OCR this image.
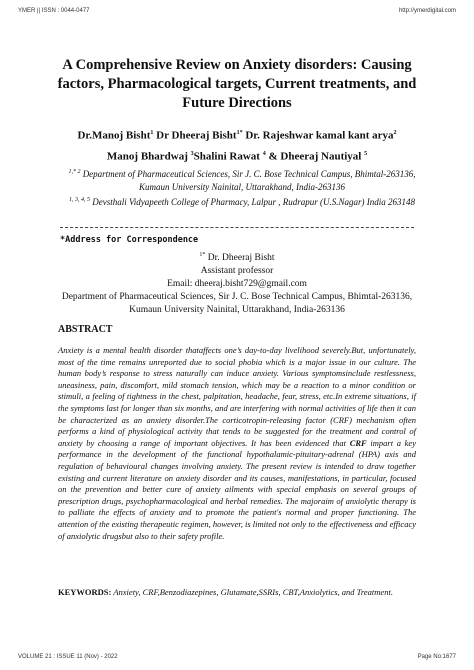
YMER || ISSN : 0044-0477	http://ymerdigital.com
A Comprehensive Review on Anxiety disorders: Causing factors, Pharmacological targets, Current treatments, and Future Directions
Dr.Manoj Bisht$^1$ Dr Dheeraj Bisht$^{1*}$ Dr. Rajeshwar kamal kant arya$^2$
Manoj Bhardwaj $^3$Shalini Rawat $^4$ & Dheeraj Nautiyal $^5$
$^{1,* 2}$ Department of Pharmaceutical Sciences, Sir J. C. Bose Technical Campus, Bhimtal-263136, Kumaun University Nainital, Uttarakhand, India-263136
$^{1, 3, 4, 5}$ Devsthali Vidyapeeth College of Pharmacy, Lalpur , Rudrapur (U.S.Nagar) India 263148
*Address for Correspondence
$^{1*}$ Dr. Dheeraj Bisht
Assistant professor
Email: dheeraj.bisht729@gmail.com
Department of Pharmaceutical Sciences, Sir J. C. Bose Technical Campus, Bhimtal-263136,
Kumaun University Nainital, Uttarakhand, India-263136
ABSTRACT
Anxiety is a mental health disorder thataffects one’s day-to-day livelihood severely.But, unfortunately, most of the time remains unreported due to social phobia which is a major issue in our culture. The human body’s response to stress naturally can induce anxiety. Various symptomsinclude restlessness, uneasiness, pain, discomfort, mild stomach tension, which may be a reaction to a minor condition or stimuli, a feeling of tightness in the chest, palpitation, headache, fear, stress, etc.In extreme situations, if the symptoms last for longer than six months, and are interfering with normal activities of life then it can be characterized as an anxiety disorder.The corticotropin-releasing factor (CRF) mechanism often performs a kind of physiological activity that tends to be suggested for the treatment and control of anxiety by choosing a range of important objectives. It has been evidenced that CRF impart a key performance in the development of the functional hypothalamic-pituitary-adrenal (HPA) axis and regulation of behavioural changes involving anxiety. The present review is intended to draw together existing and current literature on anxiety disorder and its causes, manifestations, in particular, focused on the prevention and better cure of anxiety ailments with special emphasis on several groups of prescription drugs, psychopharmacological and herbal remedies. The majoraim of anxiolytic therapy is to palliate the effects of anxiety and to promote the patient's normal and proper functioning. The attention of the existing therapeutic regimen, however, is limited not only to the effectiveness and efficacy of anxiolytic drugsbut also to their safety profile.
KEYWORDS: Anxiety, CRF,Benzodiazepines, Glutamate,SSRIs, CBT,Anxiolytics, and Treatment.
VOLUME 21 : ISSUE 11 (Nov) - 2022	Page No:1677
